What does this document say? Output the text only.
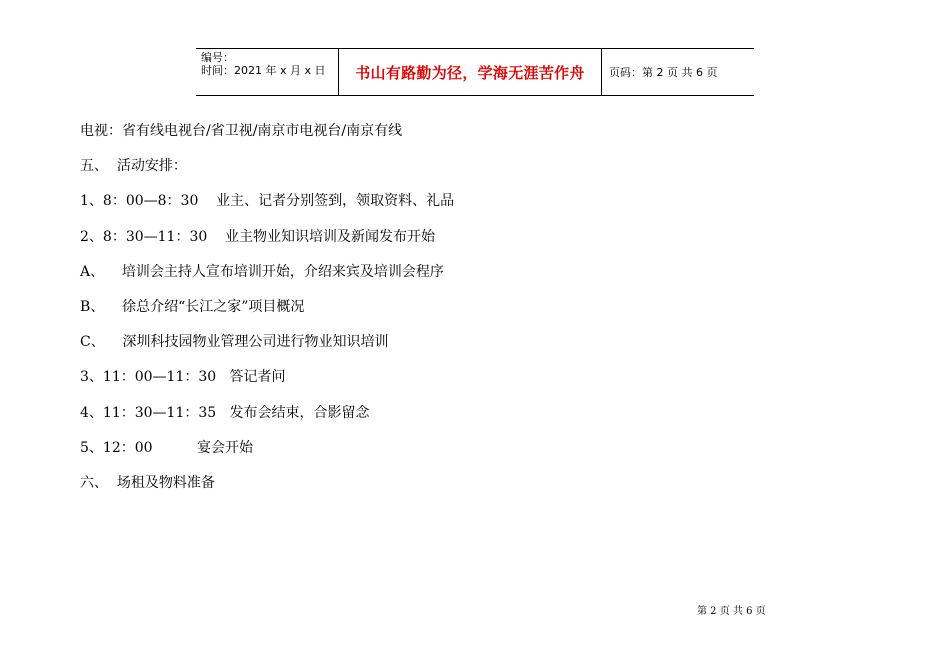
编号：
时间：2021 年 x 月 x 日	书山有路勤为径，学海无涯苦作舟	页码：第 2 页 共 6 页
电视：省有线电视台/省卫视/南京市电视台/南京有线
五、  活动安排：
1、8：00—8：30    业主、记者分别签到，领取资料、礼品
2、8：30—11：30    业主物业知识培训及新闻发布开始
A、    培训会主持人宣布培训开始，介绍来宾及培训会程序
B、    徐总介绍“长江之家”项目概况
C、    深圳科技园物业管理公司进行物业知识培训
3、11：00—11：30   答记者问
4、11：30—11：35   发布会结束，合影留念
5、12：00          宴会开始
六、  场租及物料准备
第 2 页 共 6 页
